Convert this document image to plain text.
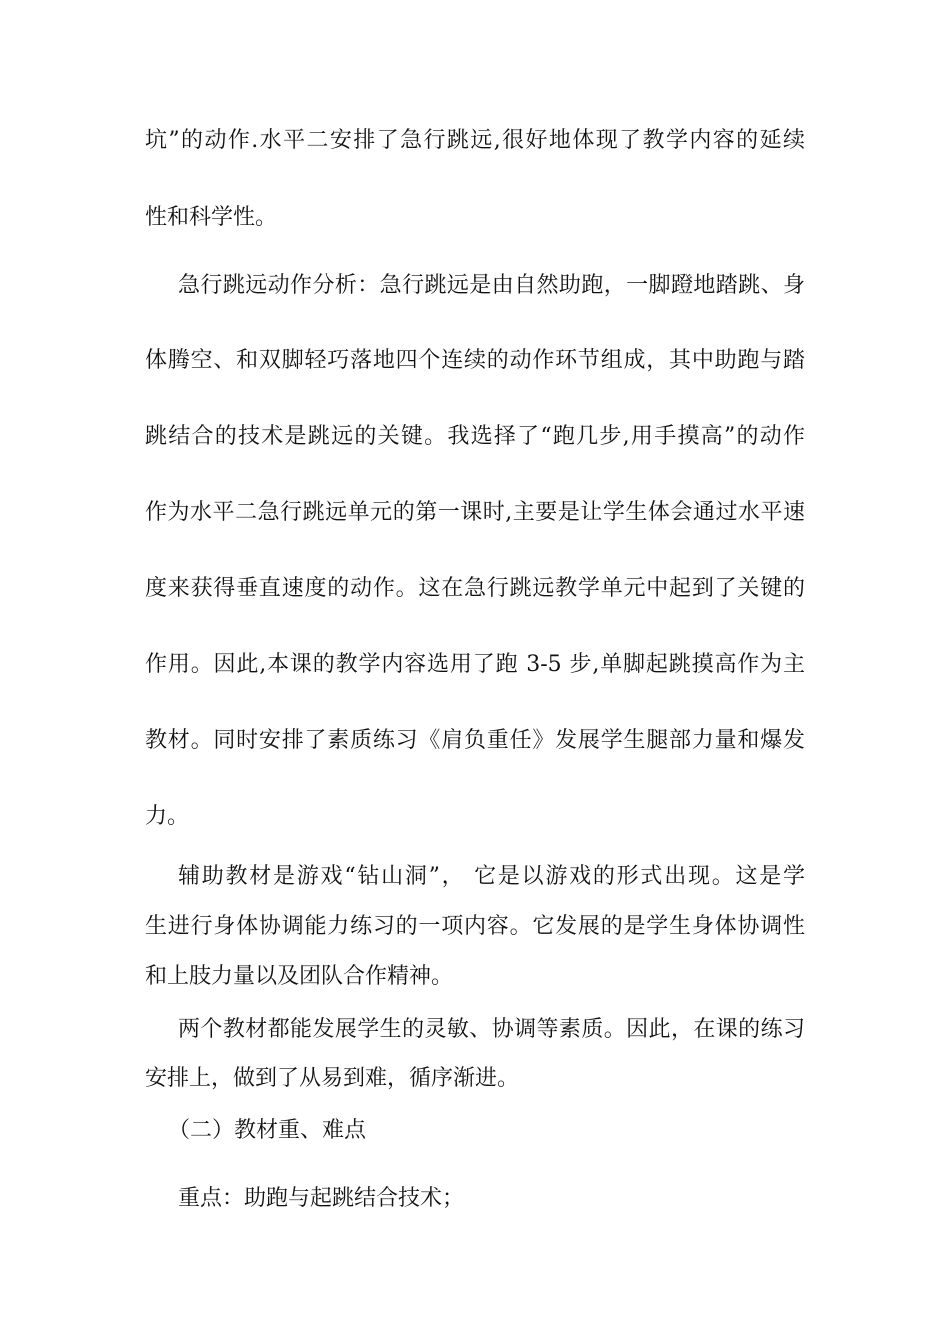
坑”的动作.水平二安排了急行跳远,很好地体现了教学内容的延续
性和科学性。
急行跳远动作分析：急行跳远是由自然助跑，一脚蹬地踏跳、身
体腾空、和双脚轻巧落地四个连续的动作环节组成，其中助跑与踏
跳结合的技术是跳远的关键。我选择了“跑几步,用手摸高”的动作
作为水平二急行跳远单元的第一课时,主要是让学生体会通过水平速
度来获得垂直速度的动作。这在急行跳远教学单元中起到了关键的
作用。因此,本课的教学内容选用了跑 3-5 步,单脚起跳摸高作为主
教材。同时安排了素质练习《肩负重任》发展学生腿部力量和爆发
力。
辅助教材是游戏“钻山洞”， 它是以游戏的形式出现。这是学
生进行身体协调能力练习的一项内容。它发展的是学生身体协调性
和上肢力量以及团队合作精神。
两个教材都能发展学生的灵敏、协调等素质。因此，在课的练习
安排上，做到了从易到难，循序渐进。
（二）教材重、难点
重点：助跑与起跳结合技术；
